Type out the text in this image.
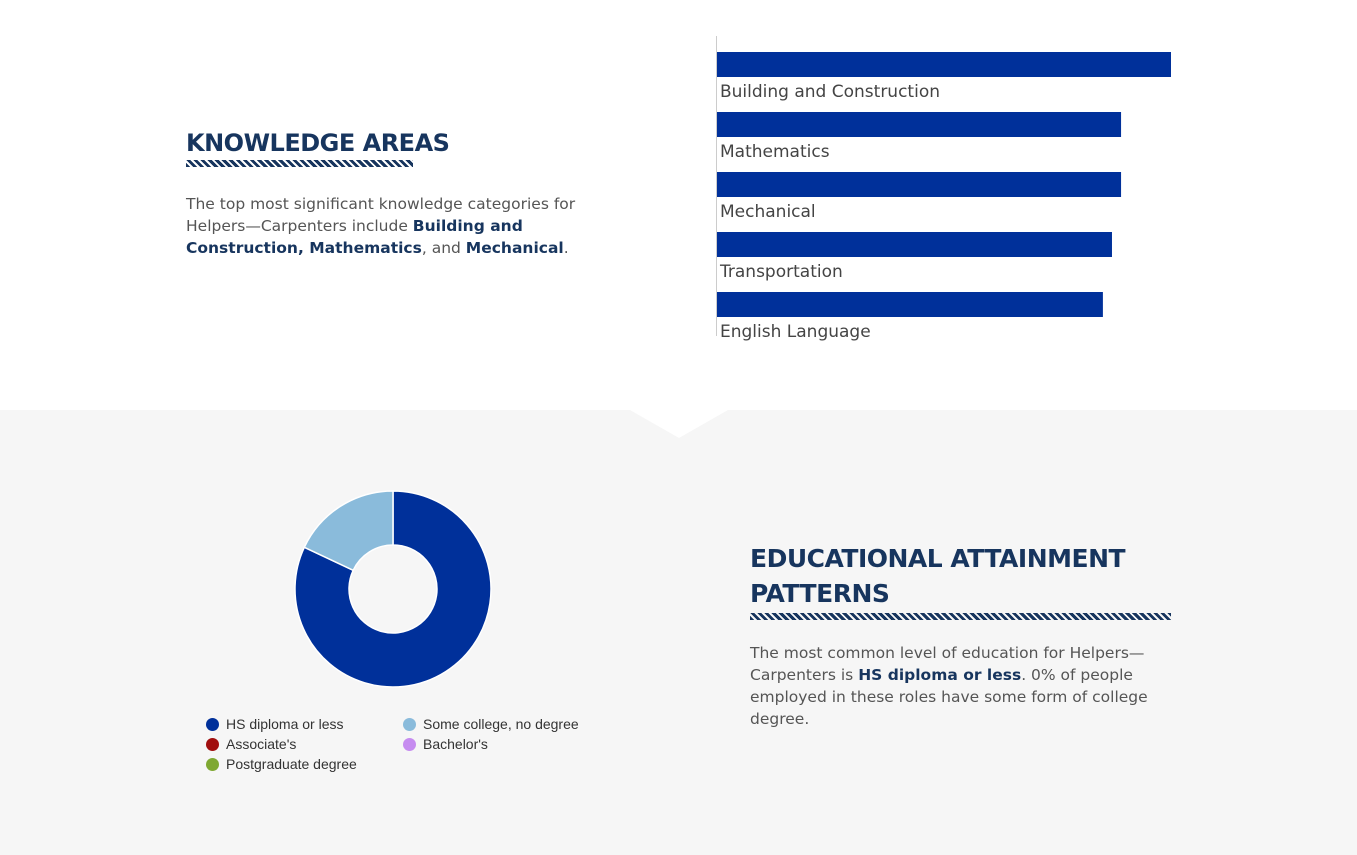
KNOWLEDGE AREAS

The top most significant knowledge categories for Helpers—Carpenters include Building and Construction, Mathematics, and Mechanical.

Building and Construction
Mathematics
Mechanical
Transportation
English Language
HS diploma or less	Some college, no degree
Associate's	Bachelor's
Postgraduate degree
EDUCATIONAL ATTAINMENT PATTERNS

The most common level of education for Helpers—Carpenters is HS diploma or less. 0% of people employed in these roles have some form of college degree.
